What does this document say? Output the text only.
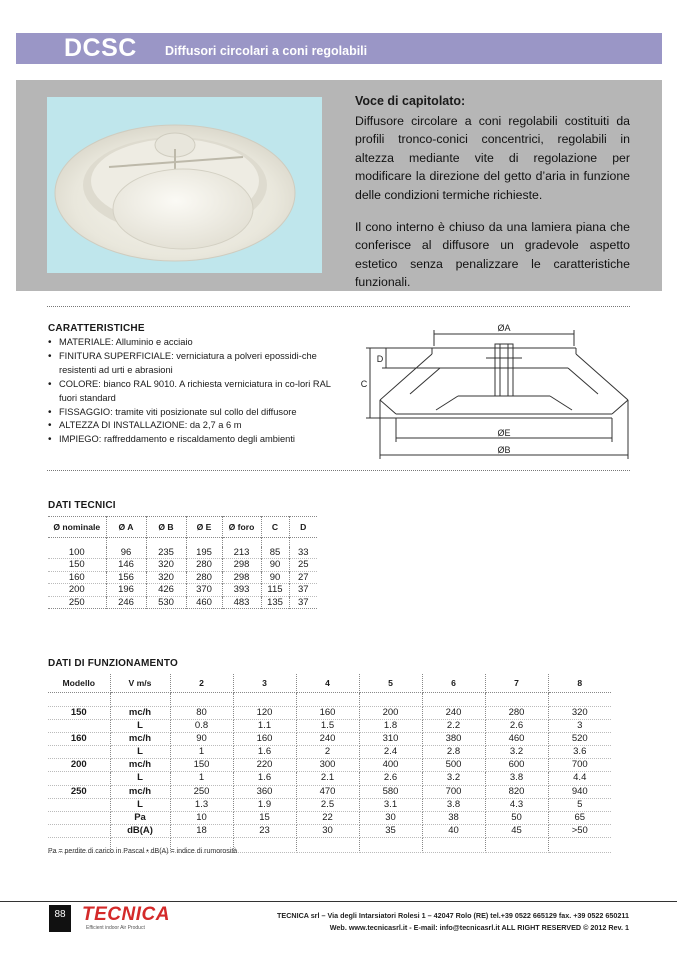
DCSC Diffusori circolari a coni regolabili
Voce di capitolato:
Diffusore circolare a coni regolabili costituiti da profili tronco-conici concentrici, regolabili in altezza mediante vite di regolazione per modificare la direzione del getto d’aria in funzione delle condizioni termiche richieste.
Il cono interno è chiuso da una lamiera piana che conferisce al diffusore un gradevole aspetto estetico senza penalizzare le caratteristiche funzionali.
CARATTERISTICHE
• MATERIALE: Alluminio e acciaio
• FINITURA SUPERFICIALE: verniciatura a polveri epossidi-che resistenti ad urti e abrasioni
• COLORE: bianco RAL 9010. A richiesta verniciatura in co-lori RAL fuori standard
• FISSAGGIO: tramite viti posizionate sul collo del diffusore
• ALTEZZA DI INSTALLAZIONE: da 2,7 a 6 m
• IMPIEGO: raffreddamento e riscaldamento degli ambienti
ØA
ØE
ØB
C
D
DATI TECNICI
Ø nominale	Ø A	Ø B	Ø E	Ø foro	C	D

100	96	235	195	213	85	33
150	146	320	280	298	90	25
160	156	320	280	298	90	27
200	196	426	370	393	115	37
250	246	530	460	483	135	37
DATI DI FUNZIONAMENTO
Modello	V m/s	2	3	4	5	6	7	8

150	mc/h	80	120	160	200	240	280	320
	L	0.8	1.1	1.5	1.8	2.2	2.6	3
160	mc/h	90	160	240	310	380	460	520
	L	1	1.6	2	2.4	2.8	3.2	3.6
200	mc/h	150	220	300	400	500	600	700
	L	1	1.6	2.1	2.6	3.2	3.8	4.4
250	mc/h	250	360	470	580	700	820	940
	L	1.3	1.9	2.5	3.1	3.8	4.3	5
	Pa	10	15	22	30	38	50	65
	dB(A)	18	23	30	35	40	45	>50

Pa = perdite di carico in Pascal • dB(A) = indice di rumorosità
88 TECNICA
Efficient indoor Air Product
TECNICA srl – Via degli Intarsiatori Rolesi 1 – 42047 Rolo (RE) tel.+39 0522 665129 fax. +39 0522 650211
Web. www.tecnicasrl.it - E-mail: info@tecnicasrl.it ALL RIGHT RESERVED © 2012 Rev. 1
